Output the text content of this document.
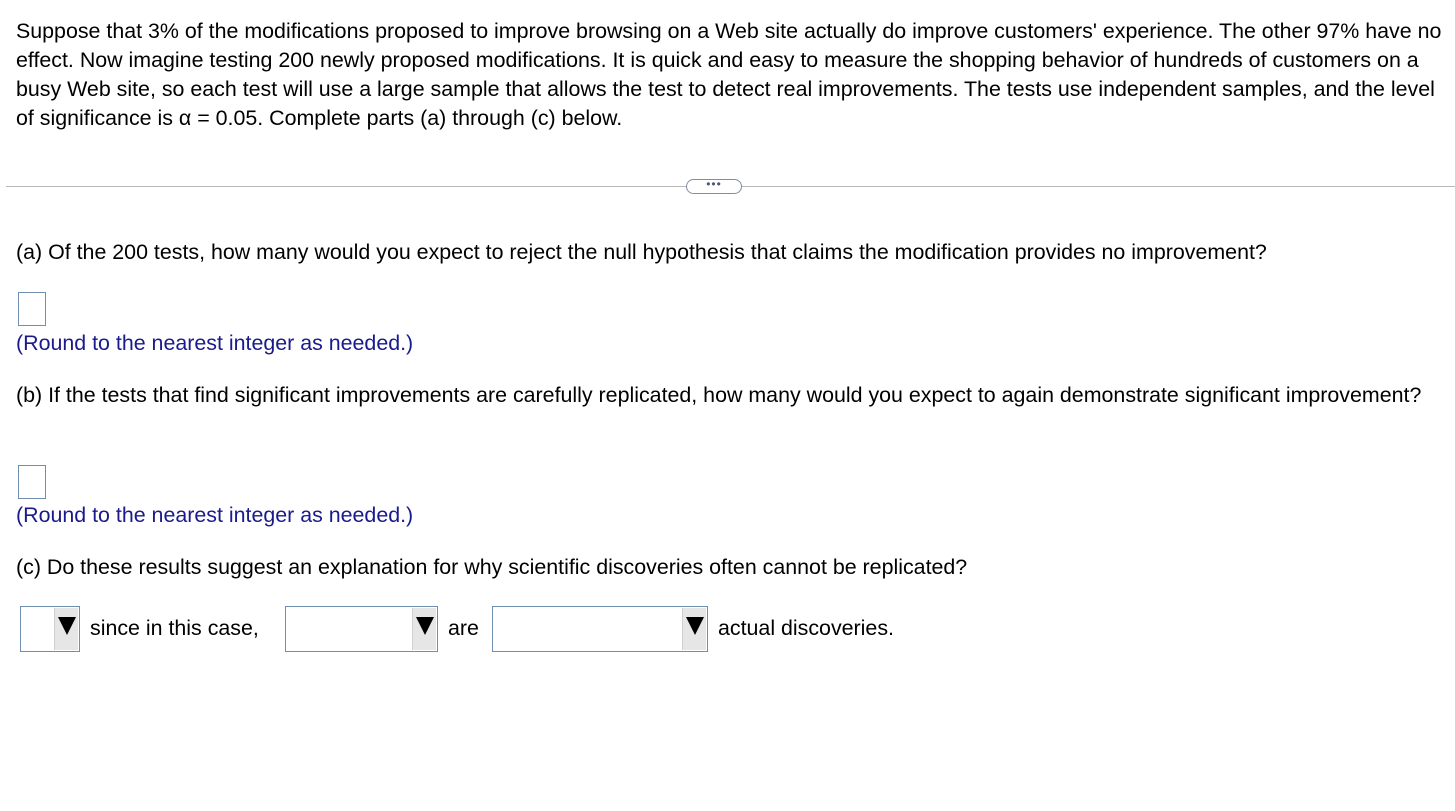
Suppose that 3% of the modifications proposed to improve browsing on a Web site actually do improve customers' experience. The other 97% have no effect. Now imagine testing 200 newly proposed modifications. It is quick and easy to measure the shopping behavior of hundreds of customers on a busy Web site, so each test will use a large sample that allows the test to detect real improvements. The tests use independent samples, and the level of significance is α = 0.05. Complete parts (a) through (c) below.

•••

(a) Of the 200 tests, how many would you expect to reject the null hypothesis that claims the modification provides no improvement?

(Round to the nearest integer as needed.)

(b) If the tests that find significant improvements are carefully replicated, how many would you expect to again demonstrate significant improvement?

(Round to the nearest integer as needed.)

(c) Do these results suggest an explanation for why scientific discoveries often cannot be replicated?

since in this case,	are	actual discoveries.
